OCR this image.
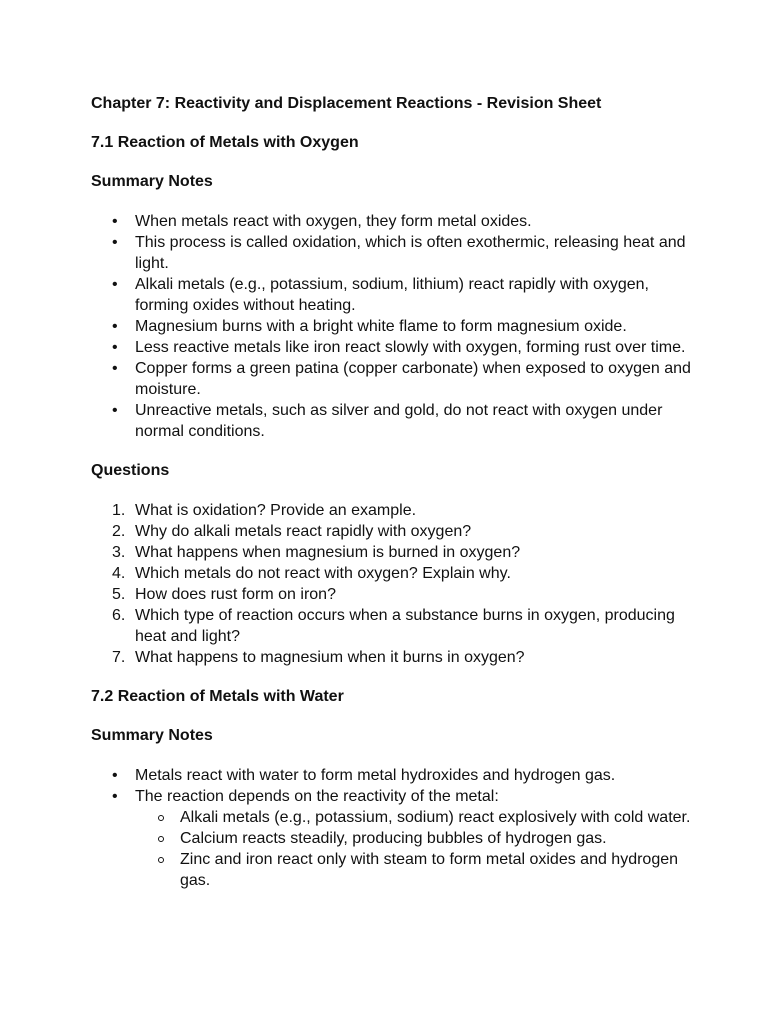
Chapter 7: Reactivity and Displacement Reactions - Revision Sheet

7.1 Reaction of Metals with Oxygen

Summary Notes

• When metals react with oxygen, they form metal oxides.
• This process is called oxidation, which is often exothermic, releasing heat and light.
• Alkali metals (e.g., potassium, sodium, lithium) react rapidly with oxygen, forming oxides without heating.
• Magnesium burns with a bright white flame to form magnesium oxide.
• Less reactive metals like iron react slowly with oxygen, forming rust over time.
• Copper forms a green patina (copper carbonate) when exposed to oxygen and moisture.
• Unreactive metals, such as silver and gold, do not react with oxygen under normal conditions.

Questions

1. What is oxidation? Provide an example.
2. Why do alkali metals react rapidly with oxygen?
3. What happens when magnesium is burned in oxygen?
4. Which metals do not react with oxygen? Explain why.
5. How does rust form on iron?
6. Which type of reaction occurs when a substance burns in oxygen, producing heat and light?
7. What happens to magnesium when it burns in oxygen?

7.2 Reaction of Metals with Water

Summary Notes

• Metals react with water to form metal hydroxides and hydrogen gas.
• The reaction depends on the reactivity of the metal:
Alkali metals (e.g., potassium, sodium) react explosively with cold water.
Calcium reacts steadily, producing bubbles of hydrogen gas.
Zinc and iron react only with steam to form metal oxides and hydrogen gas.
